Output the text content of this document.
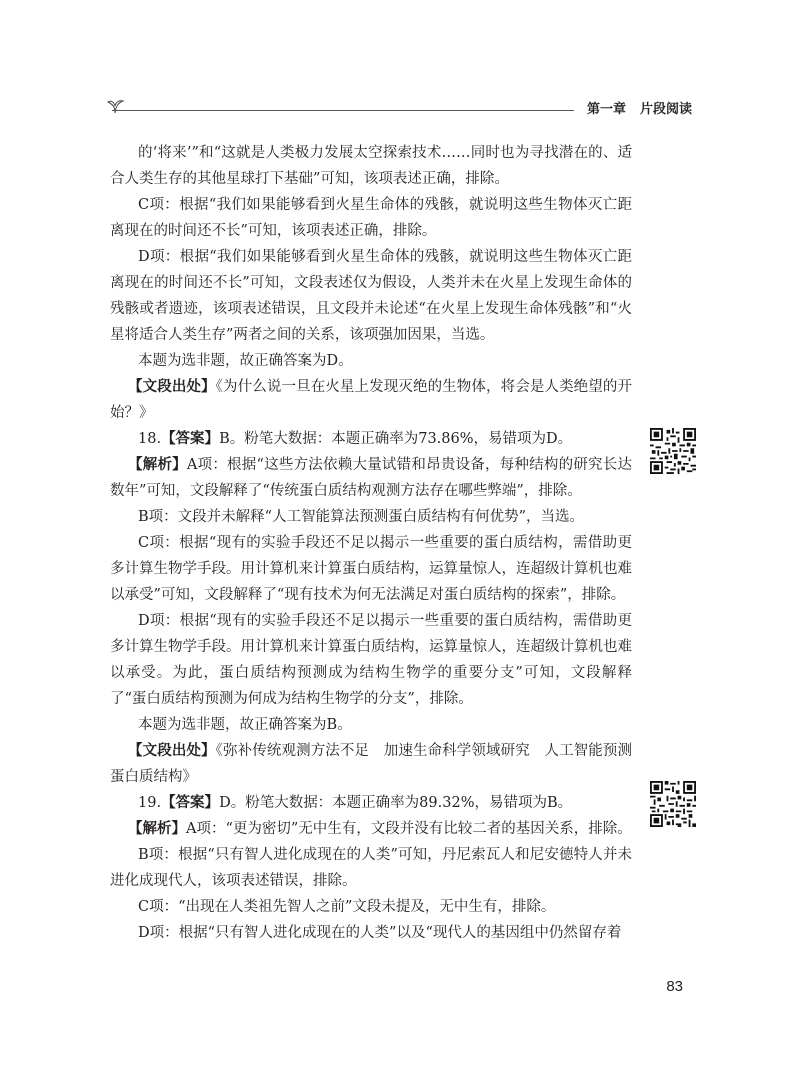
第一章 片段阅读

的‘将来’”和“这就是人类极力发展太空探索技术……同时也为寻找潜在的、适合人类生存的其他星球打下基础”可知，该项表述正确，排除。

C项：根据“我们如果能够看到火星生命体的残骸，就说明这些生物体灭亡距离现在的时间还不长”可知，该项表述正确，排除。

D项：根据“我们如果能够看到火星生命体的残骸，就说明这些生物体灭亡距离现在的时间还不长”可知，文段表述仅为假设，人类并未在火星上发现生命体的残骸或者遗迹，该项表述错误，且文段并未论述“在火星上发现生命体残骸”和“火星将适合人类生存”两者之间的关系，该项强加因果，当选。

本题为选非题，故正确答案为D。

【文段出处】《为什么说一旦在火星上发现灭绝的生物体，将会是人类绝望的开始？》

18.【答案】B。粉笔大数据：本题正确率为73.86%，易错项为D。

【解析】A项：根据“这些方法依赖大量试错和昂贵设备，每种结构的研究长达数年”可知，文段解释了“传统蛋白质结构观测方法存在哪些弊端”，排除。

B项：文段并未解释“人工智能算法预测蛋白质结构有何优势”，当选。

C项：根据“现有的实验手段还不足以揭示一些重要的蛋白质结构，需借助更多计算生物学手段。用计算机来计算蛋白质结构，运算量惊人，连超级计算机也难以承受”可知，文段解释了“现有技术为何无法满足对蛋白质结构的探索”，排除。

D项：根据“现有的实验手段还不足以揭示一些重要的蛋白质结构，需借助更多计算生物学手段。用计算机来计算蛋白质结构，运算量惊人，连超级计算机也难以承受。为此，蛋白质结构预测成为结构生物学的重要分支”可知，文段解释了“蛋白质结构预测为何成为结构生物学的分支”，排除。

本题为选非题，故正确答案为B。

【文段出处】《弥补传统观测方法不足　加速生命科学领域研究　人工智能预测蛋白质结构》

19.【答案】D。粉笔大数据：本题正确率为89.32%，易错项为B。

【解析】A项：“更为密切”无中生有，文段并没有比较二者的基因关系，排除。

B项：根据“只有智人进化成现在的人类”可知，丹尼索瓦人和尼安德特人并未进化成现代人，该项表述错误，排除。

C项：“出现在人类祖先智人之前”文段未提及，无中生有，排除。

D项：根据“只有智人进化成现在的人类”以及“现代人的基因组中仍然留存着

83
